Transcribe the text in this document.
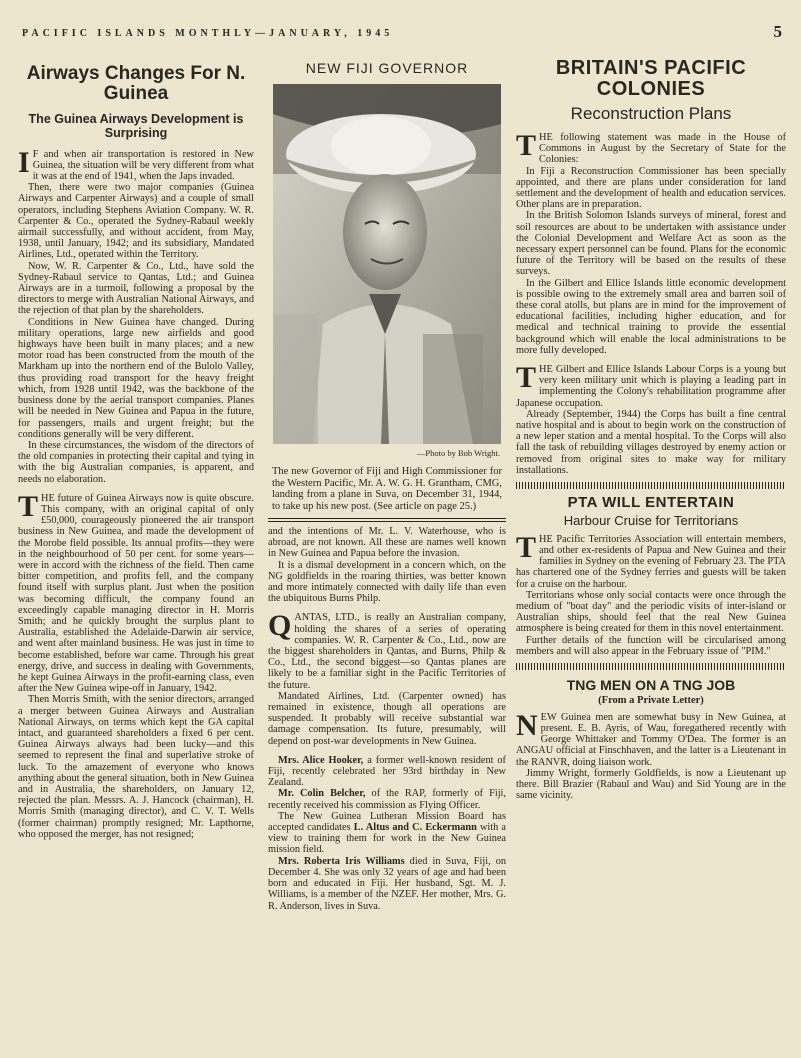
PACIFIC ISLANDS MONTHLY—JANUARY, 1945	5
Airways Changes For N. Guinea
The Guinea Airways Development is Surprising

I F and when air transportation is restored in New Guinea, the situation will be very different from what it was at the end of 1941, when the Japs invaded.

Then, there were two major companies (Guinea Airways and Carpenter Airways) and a couple of small operators, including Stephens Aviation Company. W. R. Carpenter & Co., operated the Sydney-Rabaul weekly airmail successfully, and without accident, from May, 1938, until January, 1942; and its subsidiary, Mandated Airlines, Ltd., operated within the Territory.

Now, W. R. Carpenter & Co., Ltd., have sold the Sydney-Rabaul service to Qantas, Ltd.; and Guinea Airways are in a turmoil, following a proposal by the directors to merge with Australian National Airways, and the rejection of that plan by the shareholders.

Conditions in New Guinea have changed. During military operations, large new airfields and good highways have been built in many places; and a new motor road has been constructed from the mouth of the Markham up into the northern end of the Bulolo Valley, thus providing road transport for the heavy freight which, from 1928 until 1942, was the backbone of the business done by the aerial transport companies. Planes will be needed in New Guinea and Papua in the future, for passengers, mails and urgent freight; but the conditions generally will be very different.

In these circumstances, the wisdom of the directors of the old companies in protecting their capital and tying in with the big Australian companies, is apparent, and needs no elaboration.

THE future of Guinea Airways now is quite obscure. This company, with an original capital of only £50,000, courageously pioneered the air transport business in New Guinea, and made the development of the Morobe field possible. Its annual profits—they were in the neighbourhood of 50 per cent. for some years—were in accord with the richness of the field. Then came bitter competition, and profits fell, and the company found itself with surplus plant. Just when the position was becoming difficult, the company found an exceedingly capable managing director in H. Morris Smith; and he quickly brought the surplus plant to Australia, established the Adelaide-Darwin air service, and went after mainland business. He was just in time to become established, before war came. Through his great energy, drive, and success in dealing with Governments, he kept Guinea Airways in the profit-earning class, even after the New Guinea wipe-off in January, 1942.

Then Morris Smith, with the senior directors, arranged a merger between Guinea Airways and Australian National Airways, on terms which kept the GA capital intact, and guaranteed shareholders a fixed 6 per cent. Guinea Airways always had been lucky—and this seemed to represent the final and superlative stroke of luck. To the amazement of everyone who knows anything about the general situation, both in New Guinea and in Australia, the shareholders, on January 12, rejected the plan. Messrs. A. J. Hancock (chairman), H. Morris Smith (managing director), and C. V. T. Wells (former chairman) promptly resigned; Mr. Lapthorne, who opposed the merger, has not resigned;

NEW FIJI GOVERNOR
—Photo by Bob Wright.
The new Governor of Fiji and High Commissioner for the Western Pacific, Mr. A. W. G. H. Grantham, CMG, landing from a plane in Suva, on December 31, 1944, to take up his new post. (See article on page 25.)

and the intentions of Mr. L. V. Waterhouse, who is abroad, are not known. All these are names well known in New Guinea and Papua before the invasion.

It is a dismal development in a concern which, on the NG goldfields in the roaring thirties, was better known and more intimately connected with daily life than even the ubiquitous Burns Philp.

QANTAS, LTD., is really an Australian company, holding the shares of a series of operating companies. W. R. Carpenter & Co., Ltd., now are the biggest shareholders in Qantas, and Burns, Philp & Co., Ltd., the second biggest—so Qantas planes are likely to be a familiar sight in the Pacific Territories of the future.

Mandated Airlines, Ltd. (Carpenter owned) has remained in existence, though all operations are suspended. It probably will receive substantial war damage compensation. Its future, presumably, will depend on post-war developments in New Guinea.

Mrs. Alice Hooker, a former well-known resident of Fiji, recently celebrated her 93rd birthday in New Zealand.

Mr. Colin Belcher, of the RAP, formerly of Fiji, recently received his commission as Flying Officer.

The New Guinea Lutheran Mission Board has accepted candidates L. Altus and C. Eckermann with a view to training them for work in the New Guinea mission field.

Mrs. Roberta Iris Williams died in Suva, Fiji, on December 4. She was only 32 years of age and had been born and educated in Fiji. Her husband, Sgt. M. J. Williams, is a member of the NZEF. Her mother, Mrs. G. R. Anderson, lives in Suva.

BRITAIN'S PACIFIC COLONIES
Reconstruction Plans

THE following statement was made in the House of Commons in August by the Secretary of State for the Colonies:

In Fiji a Reconstruction Commissioner has been specially appointed, and there are plans under consideration for land settlement and the development of health and education services. Other plans are in preparation.

In the British Solomon Islands surveys of mineral, forest and soil resources are about to be undertaken with assistance under the Colonial Development and Welfare Act as soon as the necessary expert personnel can be found. Plans for the economic future of the Territory will be based on the results of these surveys.

In the Gilbert and Ellice Islands little economic development is possible owing to the extremely small area and barren soil of these coral atolls, but plans are in mind for the improvement of educational facilities, including higher education, and for medical and technical training to provide the essential background which will enable the local administrations to be more fully developed.

THE Gilbert and Ellice Islands Labour Corps is a young but very keen military unit which is playing a leading part in implementing the Colony's rehabilitation programme after Japanese occupation.

Already (September, 1944) the Corps has built a fine central native hospital and is about to begin work on the construction of a new leper station and a mental hospital. To the Corps will also fall the task of rebuilding villages destroyed by enemy action or removed from original sites to make way for military installations.

PTA WILL ENTERTAIN
Harbour Cruise for Territorians

THE Pacific Territories Association will entertain members, and other ex-residents of Papua and New Guinea and their families in Sydney on the evening of February 23. The PTA has chartered one of the Sydney ferries and guests will be taken for a cruise on the harbour.

Territorians whose only social contacts were once through the medium of "boat day" and the periodic visits of inter-island or Australian ships, should feel that the real New Guinea atmosphere is being created for them in this novel entertainment.

Further details of the function will be circularised among members and will also appear in the February issue of "PIM."

TNG MEN ON A TNG JOB
(From a Private Letter)

NEW Guinea men are somewhat busy in New Guinea, at present. E. B. Ayris, of Wau, foregathered recently with George Whittaker and Tommy O'Dea. The former is an ANGAU official at Finschhaven, and the latter is a Lieutenant in the RANVR, doing liaison work.

Jimmy Wright, formerly Goldfields, is now a Lieutenant up there. Bill Brazier (Rabaul and Wau) and Sid Young are in the same vicinity.
